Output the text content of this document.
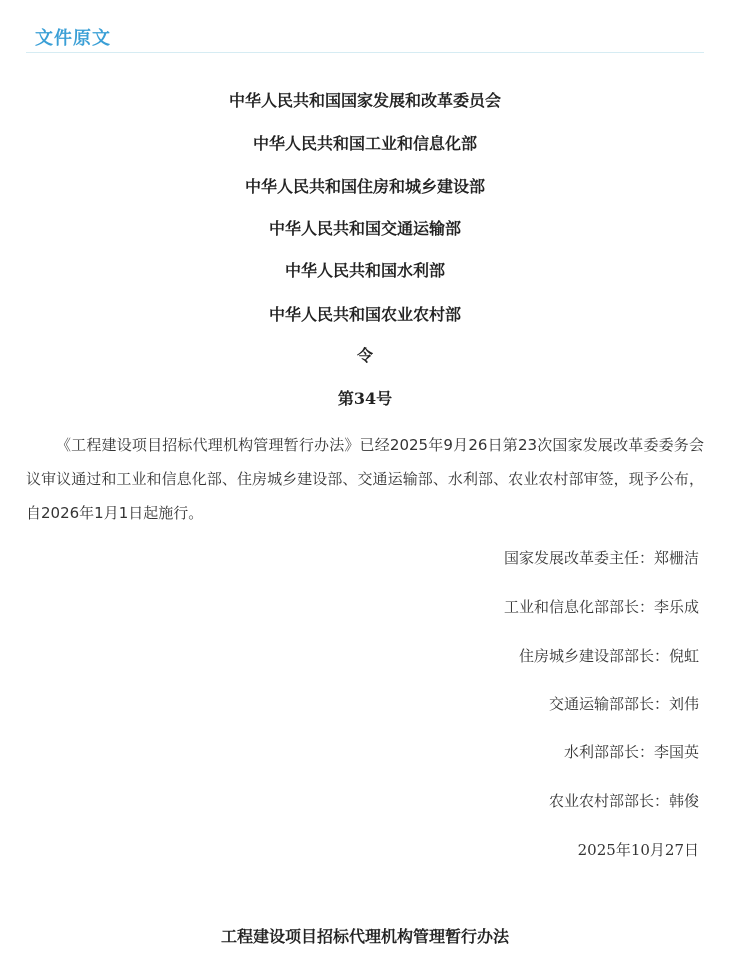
文件原文
中华人民共和国国家发展和改革委员会
中华人民共和国工业和信息化部
中华人民共和国住房和城乡建设部
中华人民共和国交通运输部
中华人民共和国水利部
中华人民共和国农业农村部
令
第34号

《工程建设项目招标代理机构管理暂行办法》已经2025年9月26日第23次国家发展改革委委务会议审议通过和工业和信息化部、住房城乡建设部、交通运输部、水利部、农业农村部审签，现予公布，自2026年1月1日起施行。

国家发展改革委主任：郑栅洁
工业和信息化部部长：李乐成
住房城乡建设部部长：倪虹
交通运输部部长：刘伟
水利部部长：李国英
农业农村部部长：韩俊
2025年10月27日
工程建设项目招标代理机构管理暂行办法
